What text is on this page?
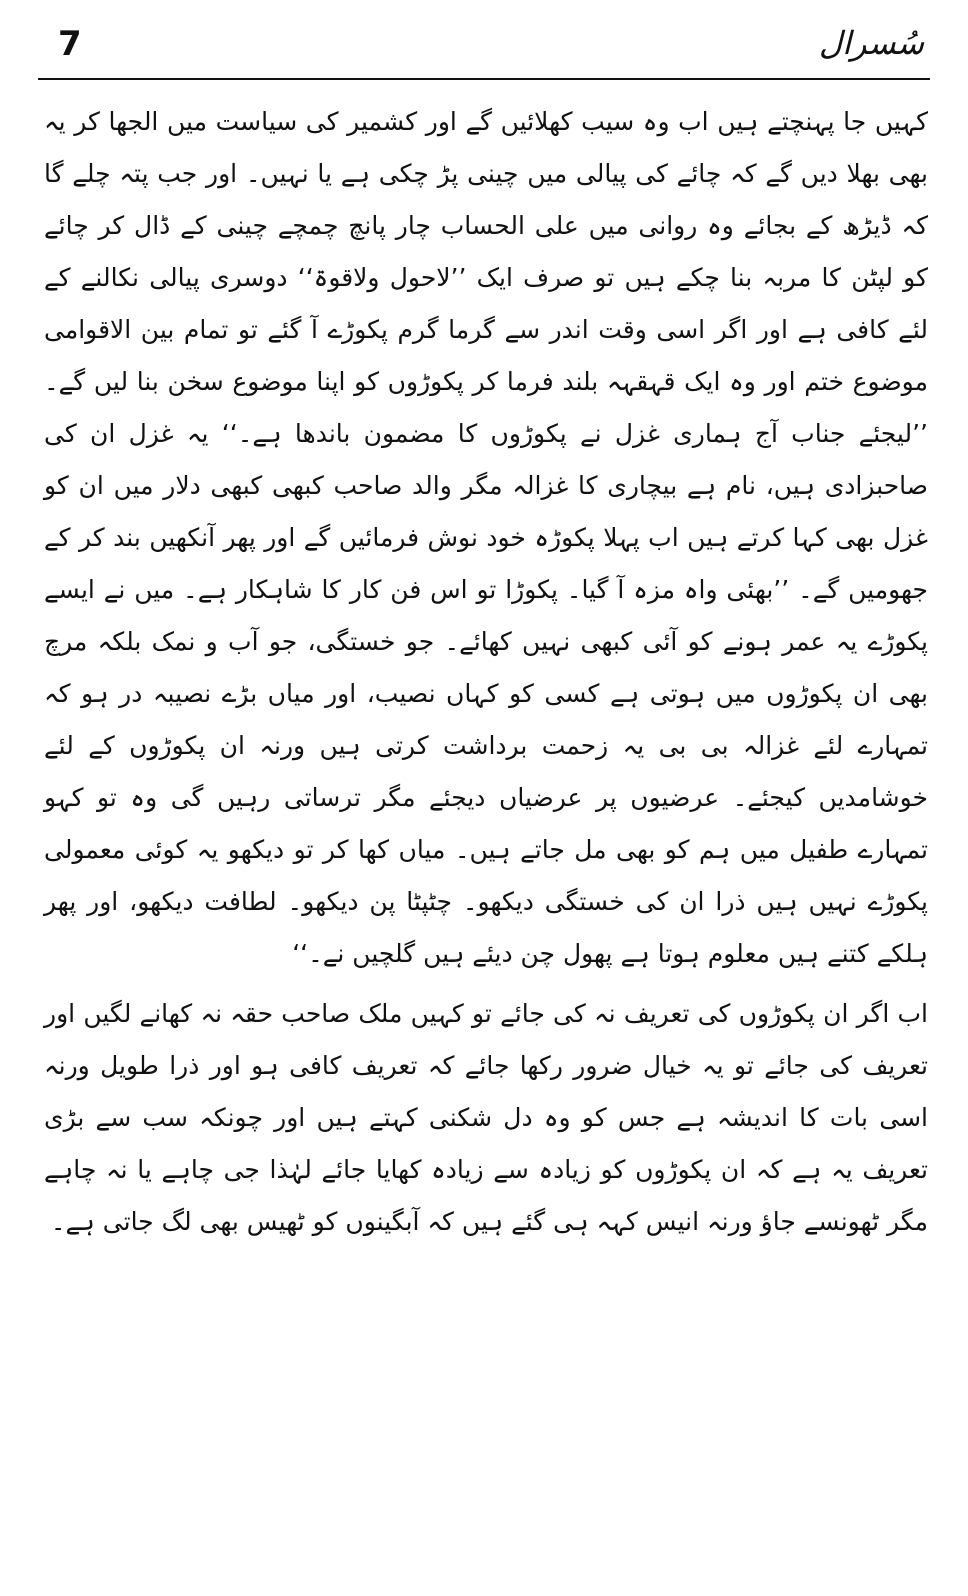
7	سُسرال

کہیں جا پہنچتے ہیں اب وہ سیب کھلائیں گے اور کشمیر کی سیاست میں الجھا کر یہ بھی بھلا دیں گے کہ چائے کی پیالی میں چینی پڑ چکی ہے یا نہیں۔ اور جب پتہ چلے گا کہ ڈیڑھ کے بجائے وہ روانی میں علی الحساب چار پانچ چمچے چینی کے ڈال کر چائے کو لپٹن کا مربہ بنا چکے ہیں تو صرف ایک ’’لاحول ولاقوۃ‘‘ دوسری پیالی نکالنے کے لئے کافی ہے اور اگر اسی وقت اندر سے گرما گرم پکوڑے آ گئے تو تمام بین الاقوامی موضوع ختم اور وہ ایک قہقہہ بلند فرما کر پکوڑوں کو اپنا موضوع سخن بنا لیں گے۔ ’’لیجئے جناب آج ہماری غزل نے پکوڑوں کا مضمون باندھا ہے۔‘‘ یہ غزل ان کی صاحبزادی ہیں، نام ہے بیچاری کا غزالہ مگر والد صاحب کبھی کبھی دلار میں ان کو غزل بھی کہا کرتے ہیں اب پہلا پکوڑہ خود نوش فرمائیں گے اور پھر آنکھیں بند کر کے جھومیں گے۔ ’’بھئی واہ مزہ آ گیا۔ پکوڑا تو اس فن کار کا شاہکار ہے۔ میں نے ایسے پکوڑے یہ عمر ہونے کو آئی کبھی نہیں کھائے۔ جو خستگی، جو آب و نمک بلکہ مرچ بھی ان پکوڑوں میں ہوتی ہے کسی کو کہاں نصیب، اور میاں بڑے نصیبہ در ہو کہ تمہارے لئے غزالہ بی بی یہ زحمت برداشت کرتی ہیں ورنہ ان پکوڑوں کے لئے خوشامدیں کیجئے۔ عرضیوں پر عرضیاں دیجئے مگر ترساتی رہیں گی وہ تو کہو تمہارے طفیل میں ہم کو بھی مل جاتے ہیں۔ میاں کھا کر تو دیکھو یہ کوئی معمولی پکوڑے نہیں ہیں ذرا ان کی خستگی دیکھو۔ چٹپٹا پن دیکھو۔ لطافت دیکھو، اور پھر ہلکے کتنے ہیں معلوم ہوتا ہے پھول چن دیئے ہیں گلچیں نے۔‘‘

اب اگر ان پکوڑوں کی تعریف نہ کی جائے تو کہیں ملک صاحب حقہ نہ کھانے لگیں اور تعریف کی جائے تو یہ خیال ضرور رکھا جائے کہ تعریف کافی ہو اور ذرا طویل ورنہ اسی بات کا اندیشہ ہے جس کو وہ دل شکنی کہتے ہیں اور چونکہ سب سے بڑی تعریف یہ ہے کہ ان پکوڑوں کو زیادہ سے زیادہ کھایا جائے لہٰذا جی چاہے یا نہ چاہے مگر ٹھونسے جاؤ ورنہ انیس کہہ ہی گئے ہیں کہ آبگینوں کو ٹھیس بھی لگ جاتی ہے۔
